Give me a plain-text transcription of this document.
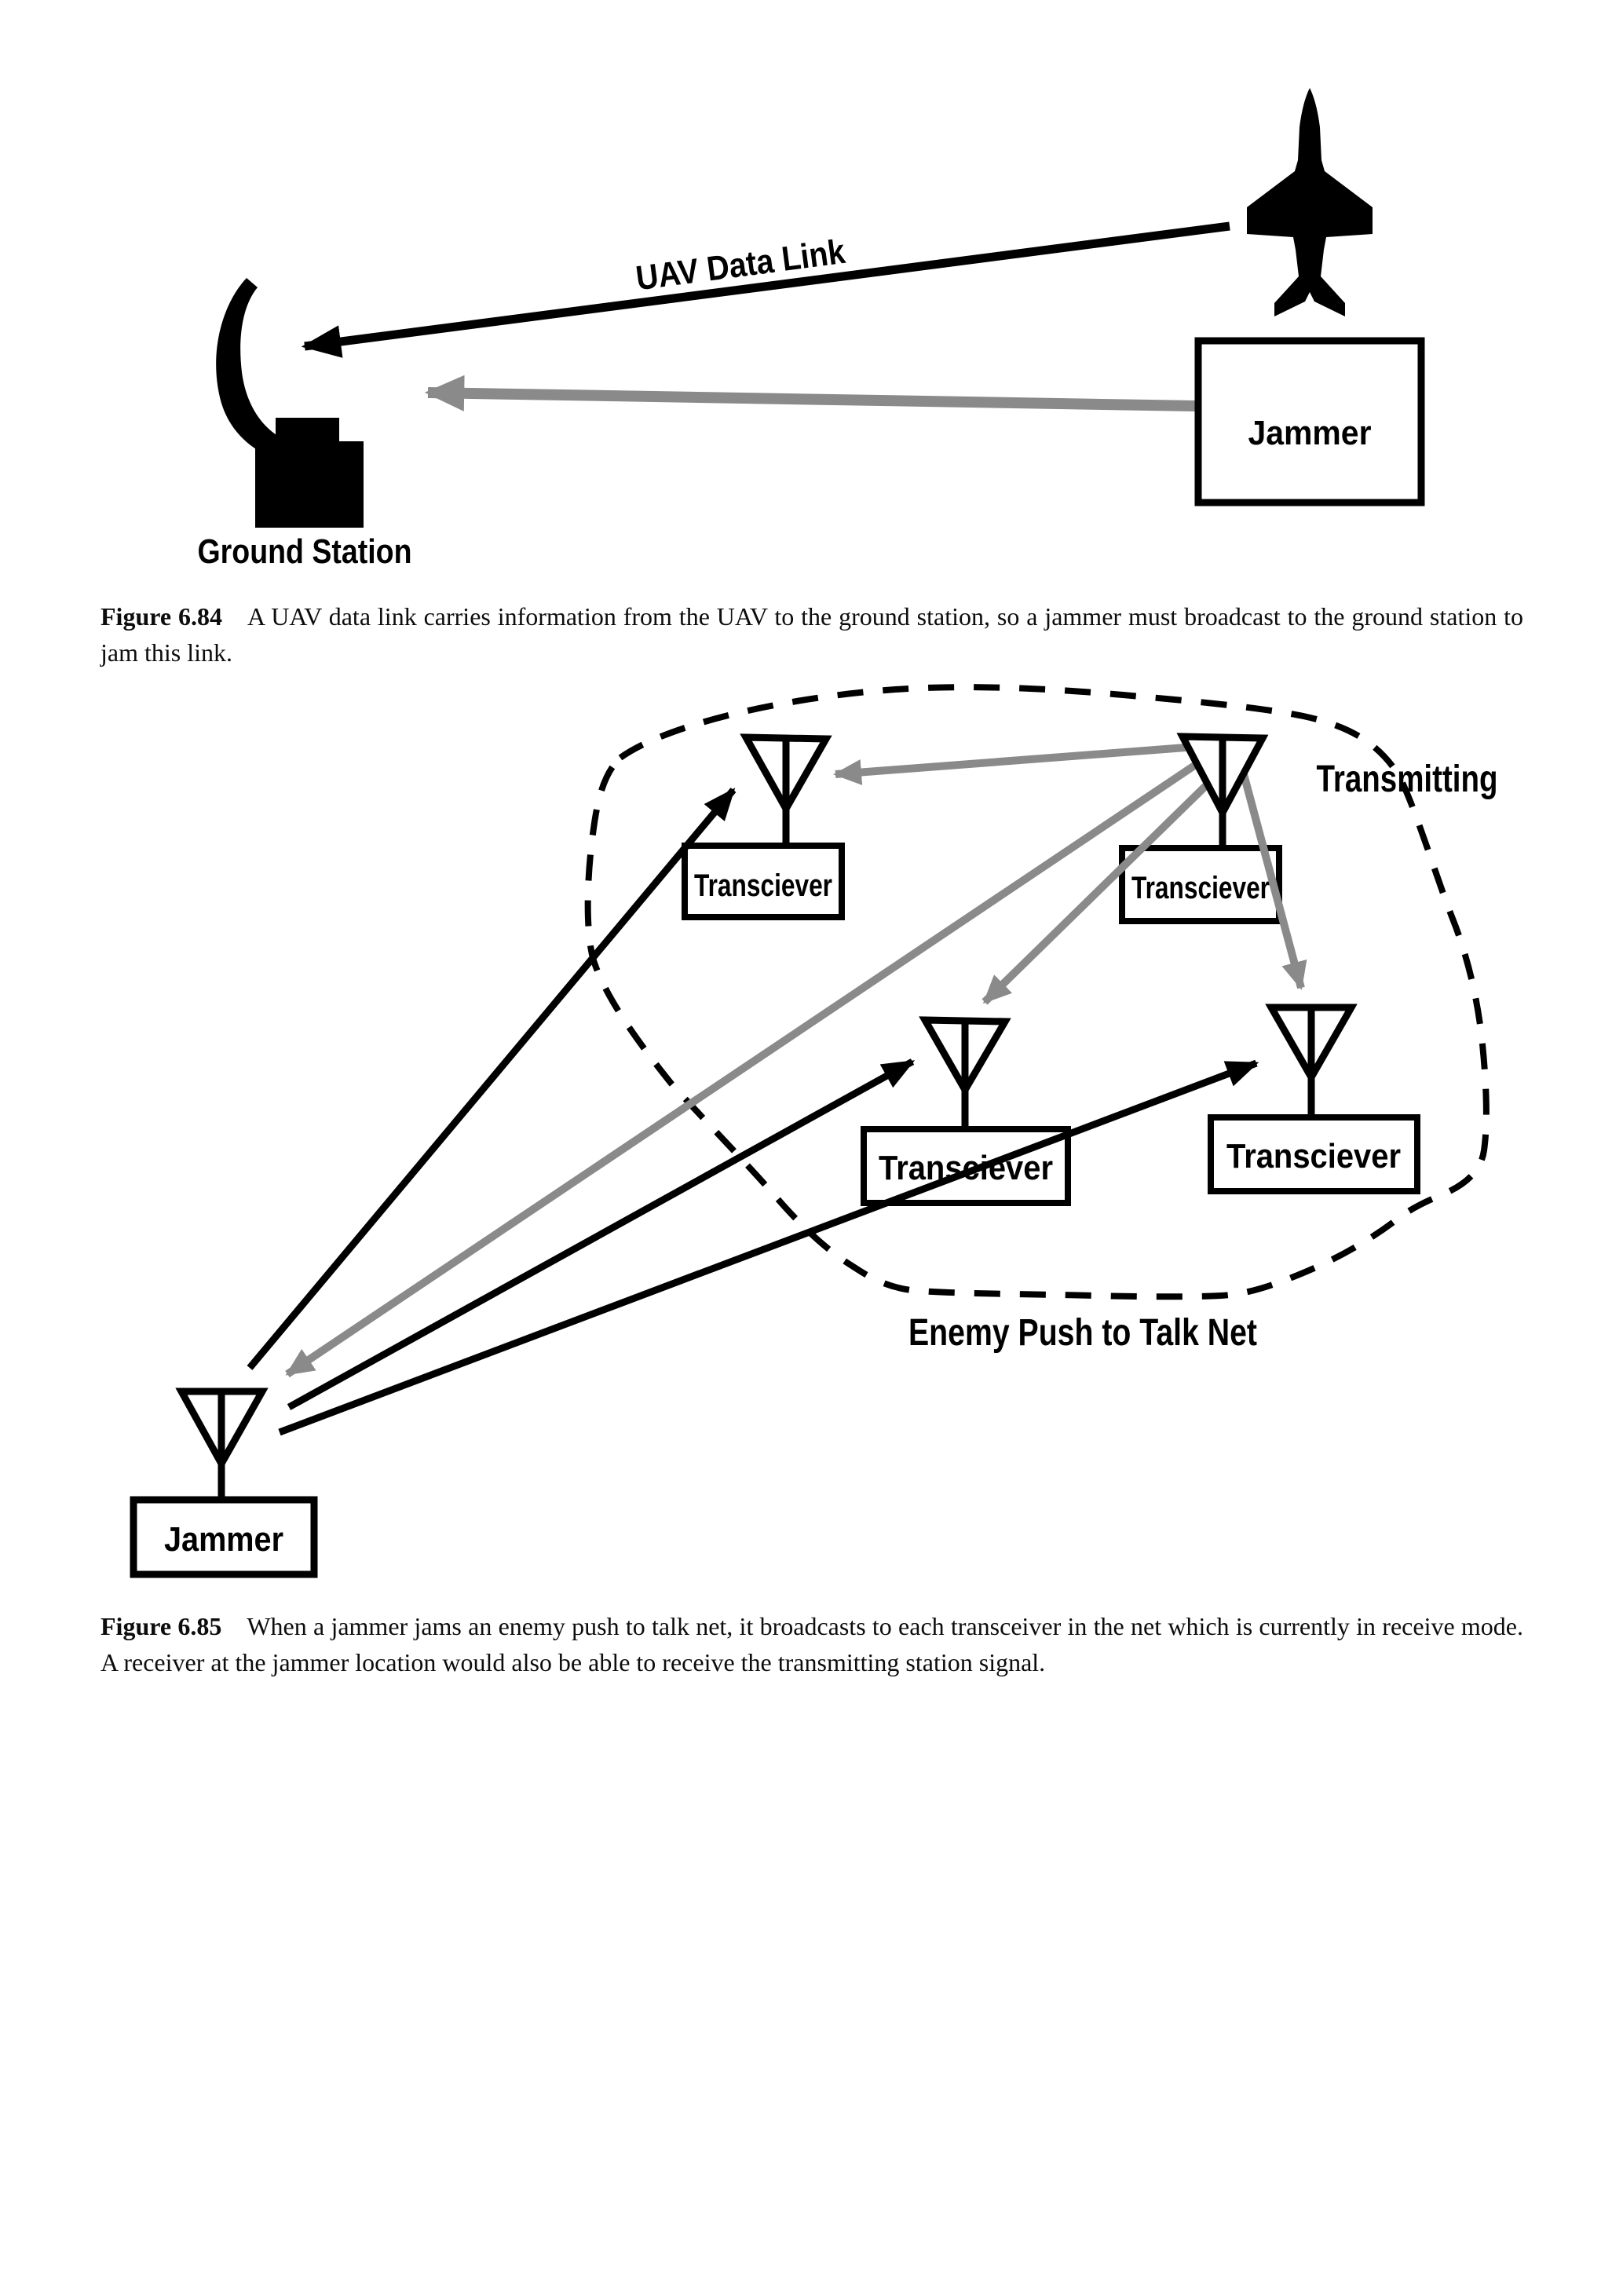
UAV Data Link
Ground Station
Jammer

Figure 6.84 A UAV data link carries information from the UAV to the ground station, so a jammer must broadcast to the ground station to jam this link.

Transciever	Transciever
Transciever	Transciever
Jammer
Transmitting
Enemy Push to Talk Net

Figure 6.85 When a jammer jams an enemy push to talk net, it broadcasts to each transceiver in the net which is currently in receive mode. A receiver at the jammer location would also be able to receive the transmitting station signal.
